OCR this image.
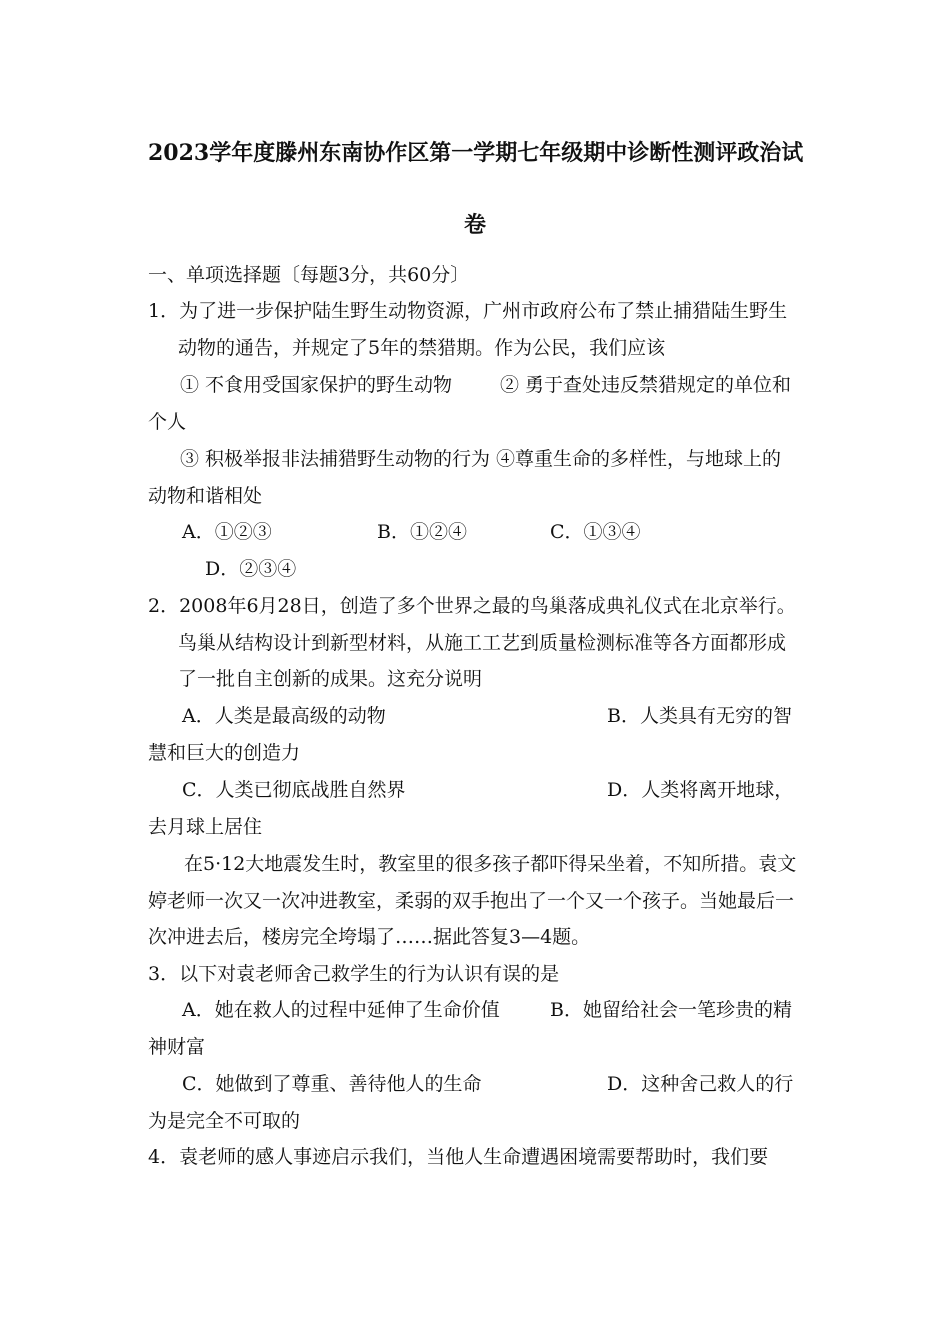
2023学年度滕州东南协作区第一学期七年级期中诊断性测评政治试
卷
一、单项选择题〔每题3分，共60分〕
1．为了进一步保护陆生野生动物资源，广州市政府公布了禁止捕猎陆生野生
动物的通告，并规定了5年的禁猎期。作为公民，我们应该
① 不食用受国家保护的野生动物	② 勇于查处违反禁猎规定的单位和
个人
③ 积极举报非法捕猎野生动物的行为 ④尊重生命的多样性，与地球上的
动物和谐相处
A．①②③	B．①②④	C．①③④
D．②③④
2．2008年6月28日，创造了多个世界之最的鸟巢落成典礼仪式在北京举行。
鸟巢从结构设计到新型材料，从施工工艺到质量检测标准等各方面都形成
了一批自主创新的成果。这充分说明
A．人类是最高级的动物	B．人类具有无穷的智
慧和巨大的创造力
C．人类已彻底战胜自然界	D．人类将离开地球，
去月球上居住
在5·12大地震发生时，教室里的很多孩子都吓得呆坐着，不知所措。袁文
婷老师一次又一次冲进教室，柔弱的双手抱出了一个又一个孩子。当她最后一
次冲进去后，楼房完全垮塌了……据此答复3—4题。
3．以下对袁老师舍己救学生的行为认识有误的是
A．她在救人的过程中延伸了生命价值	B．她留给社会一笔珍贵的精
神财富
C．她做到了尊重、善待他人的生命	D．这种舍己救人的行
为是完全不可取的
4．袁老师的感人事迹启示我们，当他人生命遭遇困境需要帮助时，我们要
